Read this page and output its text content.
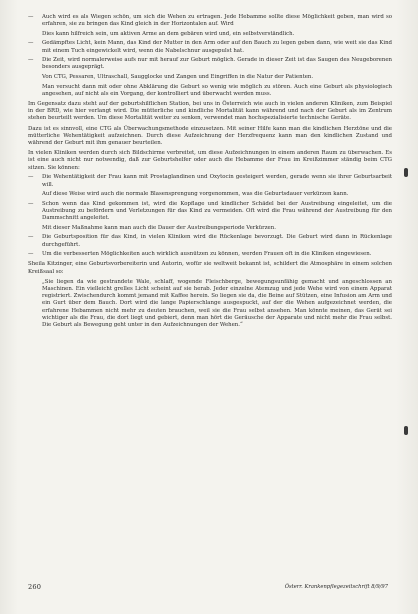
— Auch wird es als Wiegen schön, um sich die Wehen zu ertragen. Jede Hebamme sollte diese Möglichkeit geben, man wird so erfahren, sie zu bringen das Kind gleich in der Horizontalen auf. Wird
Dies kann hilfreich sein, um aktiven Arme an dem gebären wird und, ein selbstverständlich.
— Gedämpftes Licht, kein Mann, das Kind der Mutter in den Arm oder auf den Bauch zu legen geben dann, wie weit sie das Kind mit einem Tuch eingewickelt wird, wenn die Nabelschnur ausgepulst hat.
— Die Zeit, wird normalerweise aufs nur mit herauf zur Geburt möglich. Gerade in dieser Zeit ist das Saugen des Neugeborenen besonders ausgeprägt.
Von CTG, Pessaren, Ultraschall, Saugglocke und Zangen und Eingriffen in die Natur der Patienten.
Man versucht dann mit oder ohne Abklärung die Geburt so wenig wie möglich zu stören. Auch eine Geburt als physiologisch angesehen, auf nicht als ein Vorgang, der kontrolliert und überwacht werden muss.
Im Gegensatz dazu steht auf der geburtshilflichen Station, bei uns in Österreich wie auch in vielen anderen Kliniken, zum Beispiel in der BRD, wie hier verlangt wird. Die mütterliche und kindliche Mortalität kann während und nach der Geburt als im Zentrum stehen beurteilt werden. Um diese Mortalität weiter zu senken, verwendet man hochspezialisierte technische Geräte.
Dazu ist es sinnvoll, eine CTG als Überwachungsmethode einzusetzen. Mit seiner Hilfe kann man die kindlichen Herztöne und die mütterliche Wehentätigkeit aufzeichnen. Durch diese Aufzeichnung der Herzfrequenz kann man den kindlichen Zustand und während der Geburt mit ihm genauer beurteilen.
In vielen Kliniken werden durch sich Bildschirme verbreitet, um diese Aufzeichnungen in einem anderen Raum zu überwachen. Es ist eine auch nicht nur notwendig, daß zur Geburtshelfer oder auch die Hebamme der Frau im Kreißzimmer ständig beim CTG sitzen. Sie können:
— Die Wehentätigkeit der Frau kann mit Prostaglandinen und Oxytocin gesteigert werden, gerade wenn sie ihrer Geburtsarbeit will.
Auf diese Weise wird auch die normale Blasensprengung vorgenommen, was die Geburtsdauer verkürzen kann.
— Schon wenn das Kind gekommen ist, wird die Kopflage und kindlicher Schädel bei der Austreibung eingeleitet, um die Austreibung zu befördern und Verletzungen für das Kind zu vermeiden. Oft wird die Frau während der Austreibung für den Dammschnitt angeleitet.
Mit dieser Maßnahme kann man auch die Dauer der Austreibungsperiode Verkürzen.
— Die Geburtsposition für das Kind, in vielen Kliniken wird die Rückenlage bevorzugt. Die Geburt wird dann in Rückenlage durchgeführt.
— Um die verbesserten Möglichkeiten auch wirklich ausnützen zu können, werden Frauen oft in die Kliniken eingewiesen.
Sheila Kitzinger, eine Geburtsvorbereiterin und Autorin, wofür sie weltweit bekannt ist, schildert die Atmosphäre in einem solchen Kreißsaal so:
„Sie liegen da wie gestrandete Wale, schlaff, wogende Fleischberge, bewegungsunfähig gemacht und angeschlossen an Maschinen. Ein vielleicht grelles Licht scheint auf sie herab. Jeder einzelne Atemzug und jede Wehe wird von einem Apparat registriert. Zwischendurch kommt jemand mit Kaffee herein. So liegen sie da, die Beine auf Stützen, eine Infusion am Arm und ein Gurt über dem Bauch. Dort wird die lange Papierschlange ausgespuckt, auf der die Wehen aufgezeichnet werden, die erfahrene Hebammen nicht mehr zu deuten brauchen, weil sie die Frau selbst ansehen. Man könnte meinen, das Gerät sei wichtiger als die Frau, die dort liegt und gebiert, denn man hört die Geräusche der Apparate und nicht mehr die Frau selbst. Die Geburt als Bewegung geht unter in den Aufzeichnungen der Wehen.“
260	Österr. Krankenpflegezeitschrift 8/9/97
